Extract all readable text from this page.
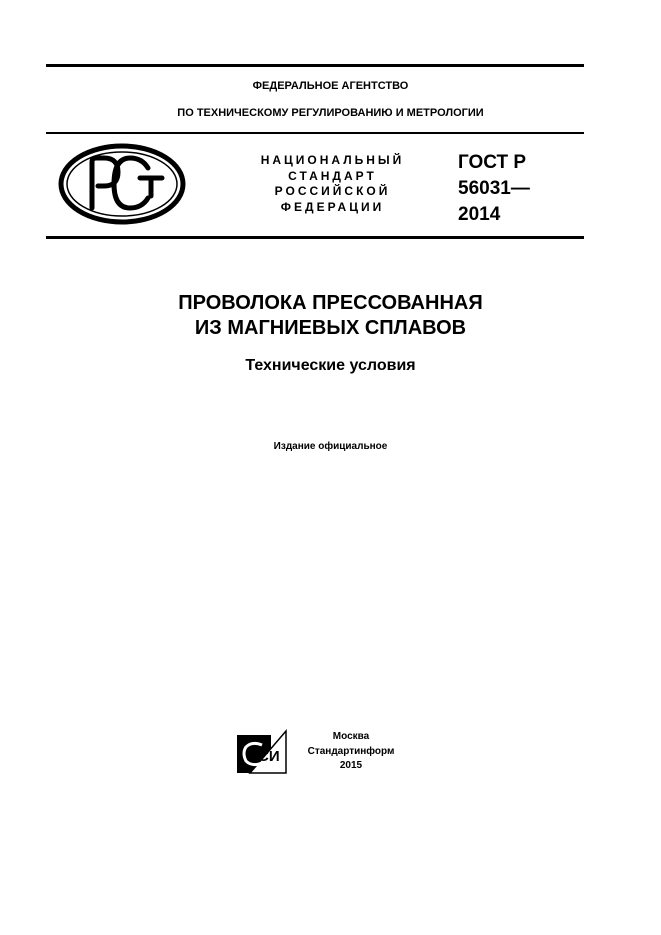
ФЕДЕРАЛЬНОЕ АГЕНТСТВО
ПО ТЕХНИЧЕСКОМУ РЕГУЛИРОВАНИЮ И МЕТРОЛОГИИ
РСТ
НАЦИОНАЛЬНЫЙ
СТАНДАРТ
РОССИЙСКОЙ
ФЕДЕРАЦИИ
ГОСТ Р
56031—
2014
ПРОВОЛОКА ПРЕССОВАННАЯ
ИЗ МАГНИЕВЫХ СПЛАВОВ
Технические условия
Издание официальное
СИ
Москва
Стандартинформ
2015
